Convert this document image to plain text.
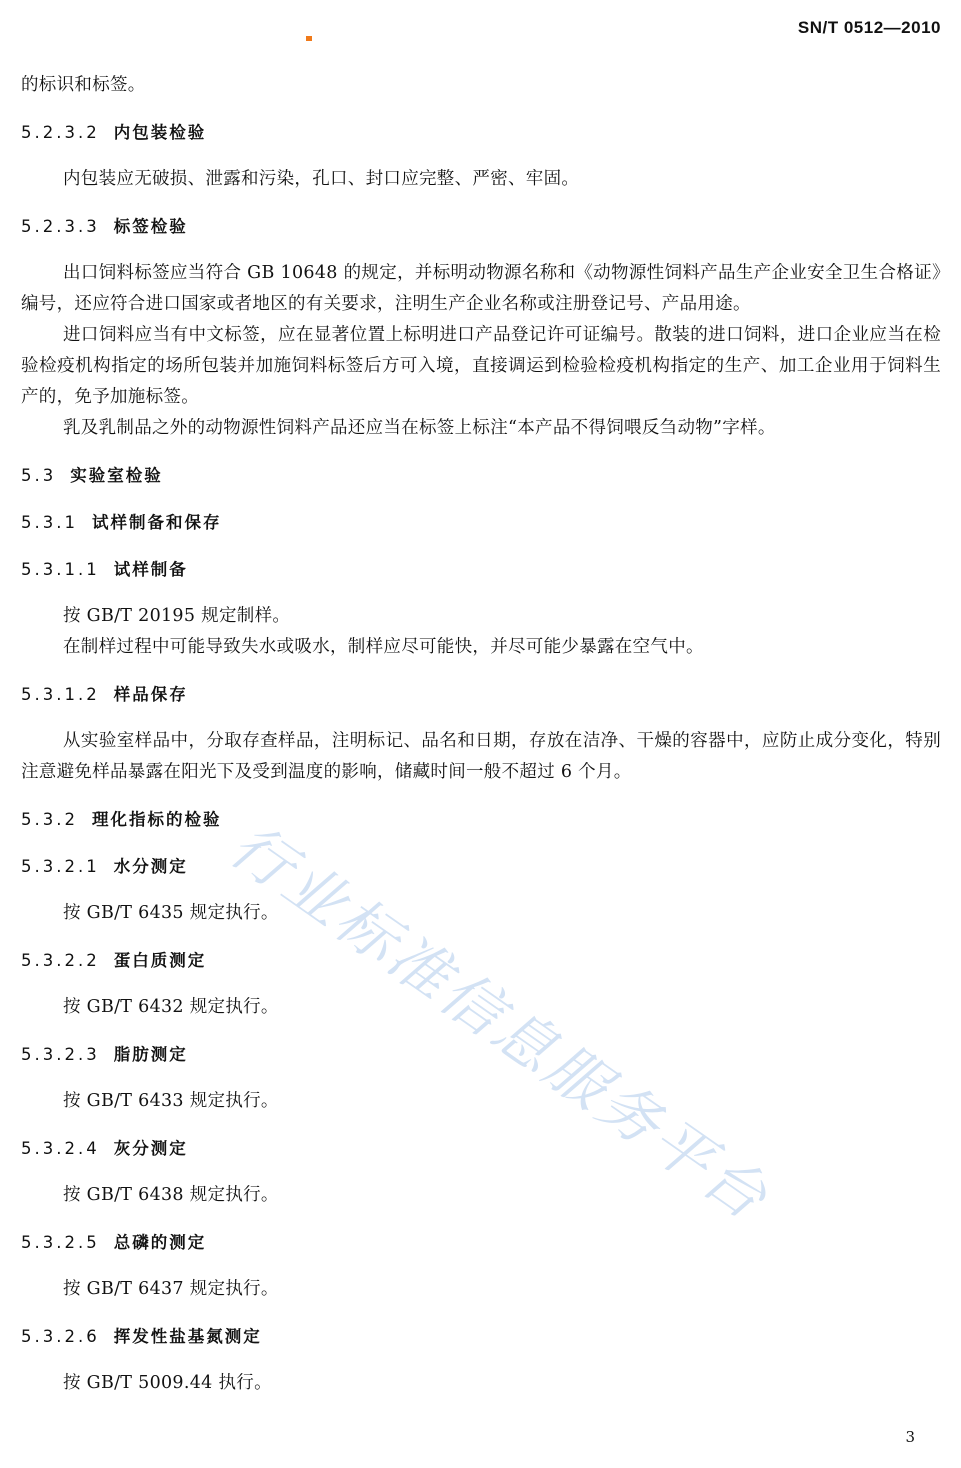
SN/T 0512—2010
行业标准信息服务平台

的标识和标签。

5.2.3.2 内包装检验

内包装应无破损、泄露和污染，孔口、封口应完整、严密、牢固。

5.2.3.3 标签检验

出口饲料标签应当符合 GB 10648 的规定，并标明动物源名称和《动物源性饲料产品生产企业安全卫生合格证》编号，还应符合进口国家或者地区的有关要求，注明生产企业名称或注册登记号、产品用途。

进口饲料应当有中文标签，应在显著位置上标明进口产品登记许可证编号。散装的进口饲料，进口企业应当在检验检疫机构指定的场所包装并加施饲料标签后方可入境，直接调运到检验检疫机构指定的生产、加工企业用于饲料生产的，免予加施标签。

乳及乳制品之外的动物源性饲料产品还应当在标签上标注“本产品不得饲喂反刍动物”字样。

5.3 实验室检验
5.3.1 试样制备和保存
5.3.1.1 试样制备

按 GB/T 20195 规定制样。

在制样过程中可能导致失水或吸水，制样应尽可能快，并尽可能少暴露在空气中。

5.3.1.2 样品保存

从实验室样品中，分取存查样品，注明标记、品名和日期，存放在洁净、干燥的容器中，应防止成分变化，特别注意避免样品暴露在阳光下及受到温度的影响，储藏时间一般不超过 6 个月。

5.3.2 理化指标的检验
5.3.2.1 水分测定

按 GB/T 6435 规定执行。

5.3.2.2 蛋白质测定

按 GB/T 6432 规定执行。

5.3.2.3 脂肪测定

按 GB/T 6433 规定执行。

5.3.2.4 灰分测定

按 GB/T 6438 规定执行。

5.3.2.5 总磷的测定

按 GB/T 6437 规定执行。

5.3.2.6 挥发性盐基氮测定

按 GB/T 5009.44 执行。

3
